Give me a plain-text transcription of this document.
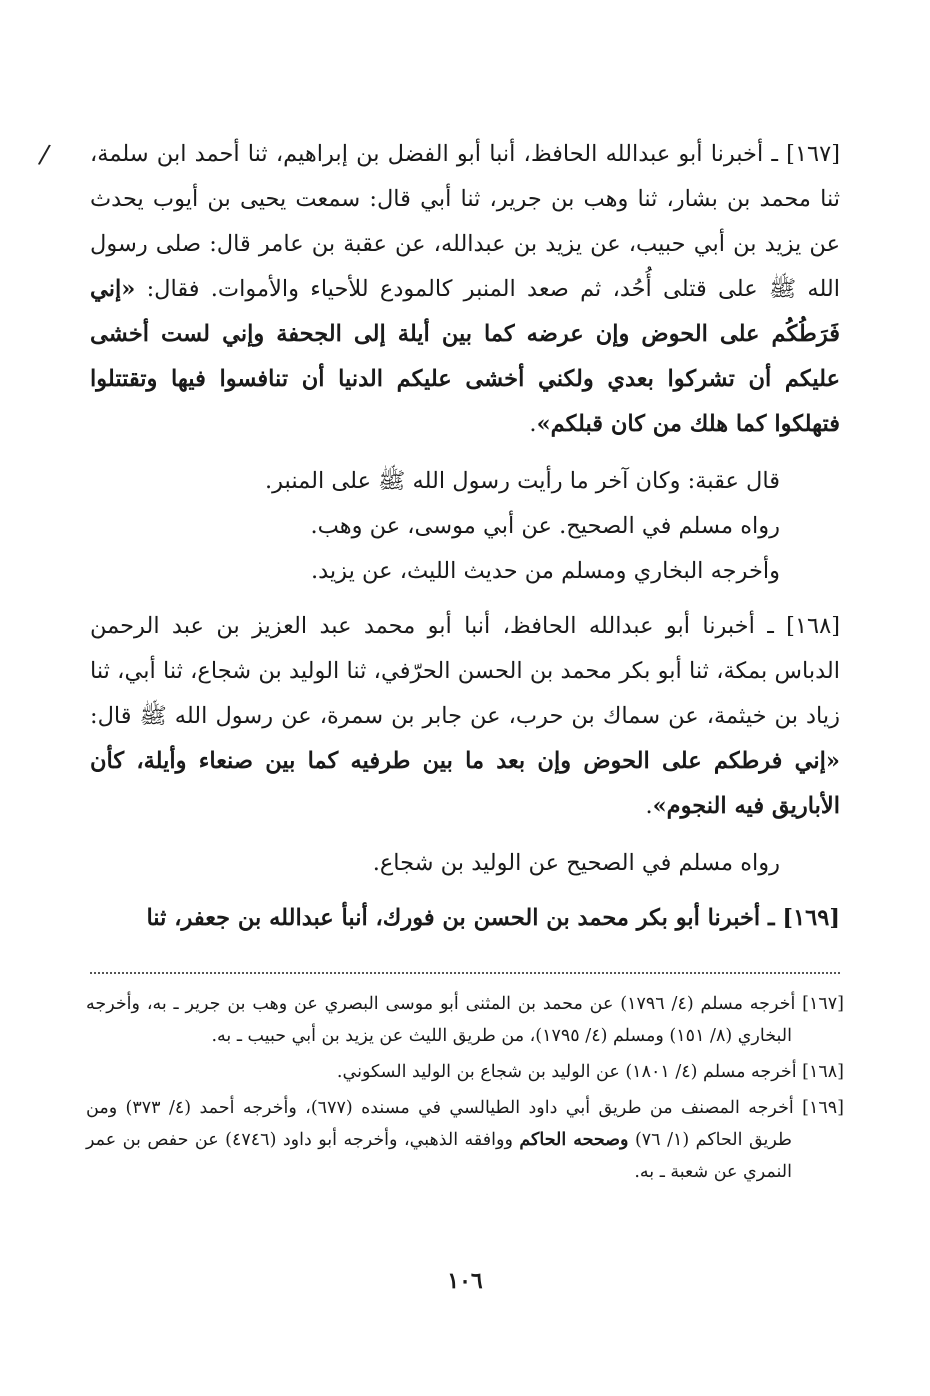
/	[١٦٧] ـ أخبرنا أبو عبدالله الحافظ، أنبا أبو الفضل بن إبراهيم، ثنا أحمد ابن سلمة، ثنا محمد بن بشار، ثنا وهب بن جرير، ثنا أبي قال: سمعت يحيى بن أيوب يحدث عن يزيد بن أبي حبيب، عن يزيد بن عبدالله، عن عقبة بن عامر قال: صلى رسول الله ﷺ على قتلى أُحُد، ثم صعد المنبر كالمودع للأحياء والأموات. فقال: «إني فَرَطُكُم على الحوض وإن عرضه كما بين أيلة إلى الجحفة وإني لست أخشى عليكم أن تشركوا بعدي ولكني أخشى عليكم الدنيا أن تنافسوا فيها وتقتتلوا فتهلكوا كما هلك من كان قبلكم».

قال عقبة: وكان آخر ما رأيت رسول الله ﷺ على المنبر.
رواه مسلم في الصحيح. عن أبي موسى، عن وهب.
وأخرجه البخاري ومسلم من حديث الليث، عن يزيد.

[١٦٨] ـ أخبرنا أبو عبدالله الحافظ، أنبا أبو محمد عبد العزيز بن عبد الرحمن الدباس بمكة، ثنا أبو بكر محمد بن الحسن الحرّفي، ثنا الوليد بن شجاع، ثنا أبي، ثنا زياد بن خيثمة، عن سماك بن حرب، عن جابر بن سمرة، عن رسول الله ﷺ قال: «إني فرطكم على الحوض وإن بعد ما بين طرفيه كما بين صنعاء وأيلة، كأن الأباريق فيه النجوم».

رواه مسلم في الصحيح عن الوليد بن شجاع.

[١٦٩] ـ أخبرنا أبو بكر محمد بن الحسن بن فورك، أنبأ عبدالله بن جعفر، ثنا

[١٦٧] أخرجه مسلم (٤/ ١٧٩٦) عن محمد بن المثنى أبو موسى البصري عن وهب بن جرير ـ به، وأخرجه البخاري (٨/ ١٥١) ومسلم (٤/ ١٧٩٥)، من طريق الليث عن يزيد بن أبي حبيب ـ به.

[١٦٨] أخرجه مسلم (٤/ ١٨٠١) عن الوليد بن شجاع بن الوليد السكوني.

[١٦٩] أخرجه المصنف من طريق أبي داود الطيالسي في مسنده (٦٧٧)، وأخرجه أحمد (٤/ ٣٧٣) ومن طريق الحاكم (١/ ٧٦) وصححه الحاكم ووافقه الذهبي، وأخرجه أبو داود (٤٧٤٦) عن حفص بن عمر النمري عن شعبة ـ به.

١٠٦
